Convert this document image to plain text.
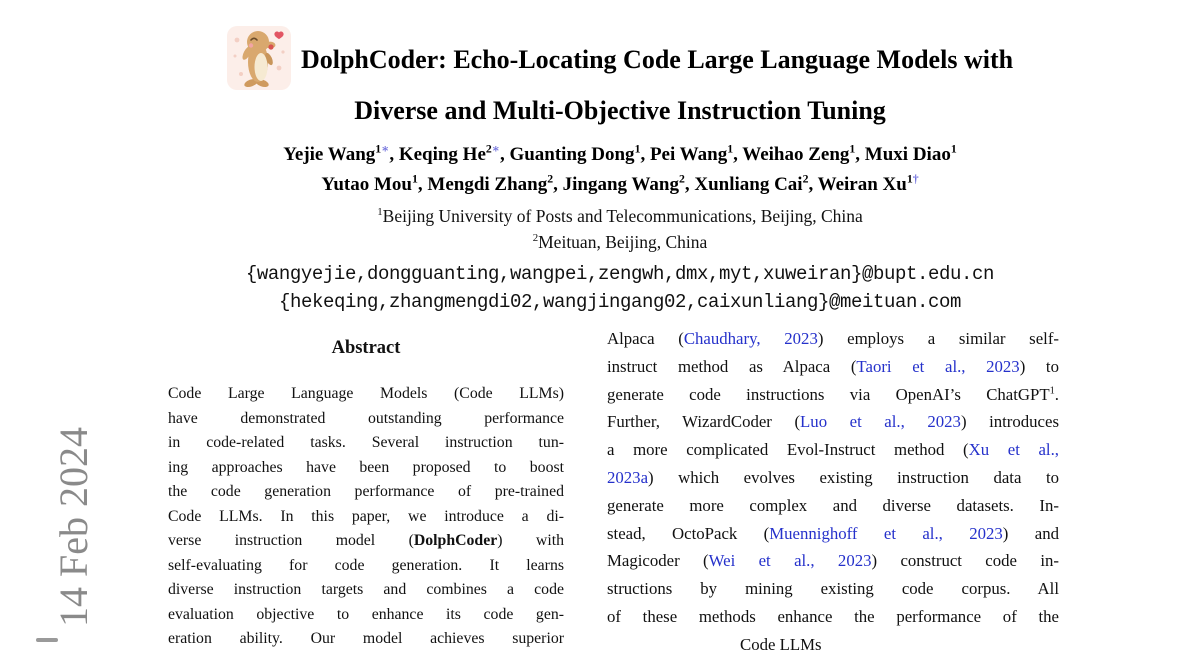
14 Feb 2024
DolphCoder: Echo-Locating Code Large Language Models with
Diverse and Multi-Objective Instruction Tuning
Yejie Wang$^{1∗}$, Keqing $He^{2∗}$, Guanting Dong$^1$, Pei Wang$^1$, Weihao Zeng$^1$, Muxi Diao$^1$
Yutao Mou$^1$, Mengdi Zhang$^2$, Jingang Wang$^2$, Xunliang Cai$^2$, Weiran $Xu^{1\dagger}$
$^1$Beijing University of Posts and Telecommunications, Beijing, China
$^2$Meituan, Beijing, China
{wangyejie,dongguanting,wangpei,zengwh,dmx,myt,xuweiran}@bupt.edu.cn
{hekeqing,zhangmengdi02,wangjingang02,caixunliang}@meituan.com
Abstract
Code Large Language Models (Code LLMs)
have demonstrated outstanding performance
in code-related tasks. Several instruction tun-
ing approaches have been proposed to boost
the code generation performance of pre-trained
Code LLMs. In this paper, we introduce a di-
verse instruction model (DolphCoder) with
self-evaluating for code generation. It learns
diverse instruction targets and combines a code
evaluation objective to enhance its code gen-
eration ability. Our model achieves superior
Alpaca (Chaudhary, 2023) employs a similar self-
instruct method as Alpaca (Taori et al., 2023) to
generate code instructions via OpenAI’s ChatGPT$^1$.
Further, WizardCoder (Luo et al., 2023) introduces
a more complicated Evol-Instruct method (Xu et al.,
2023a) which evolves existing instruction data to
generate more complex and diverse datasets. In-
stead, OctoPack (Muennighoff et al., 2023) and
Magicoder (Wei et al., 2023) construct code in-
structions by mining existing code corpus. All
of these methods enhance the performance of the
Code LLMs
